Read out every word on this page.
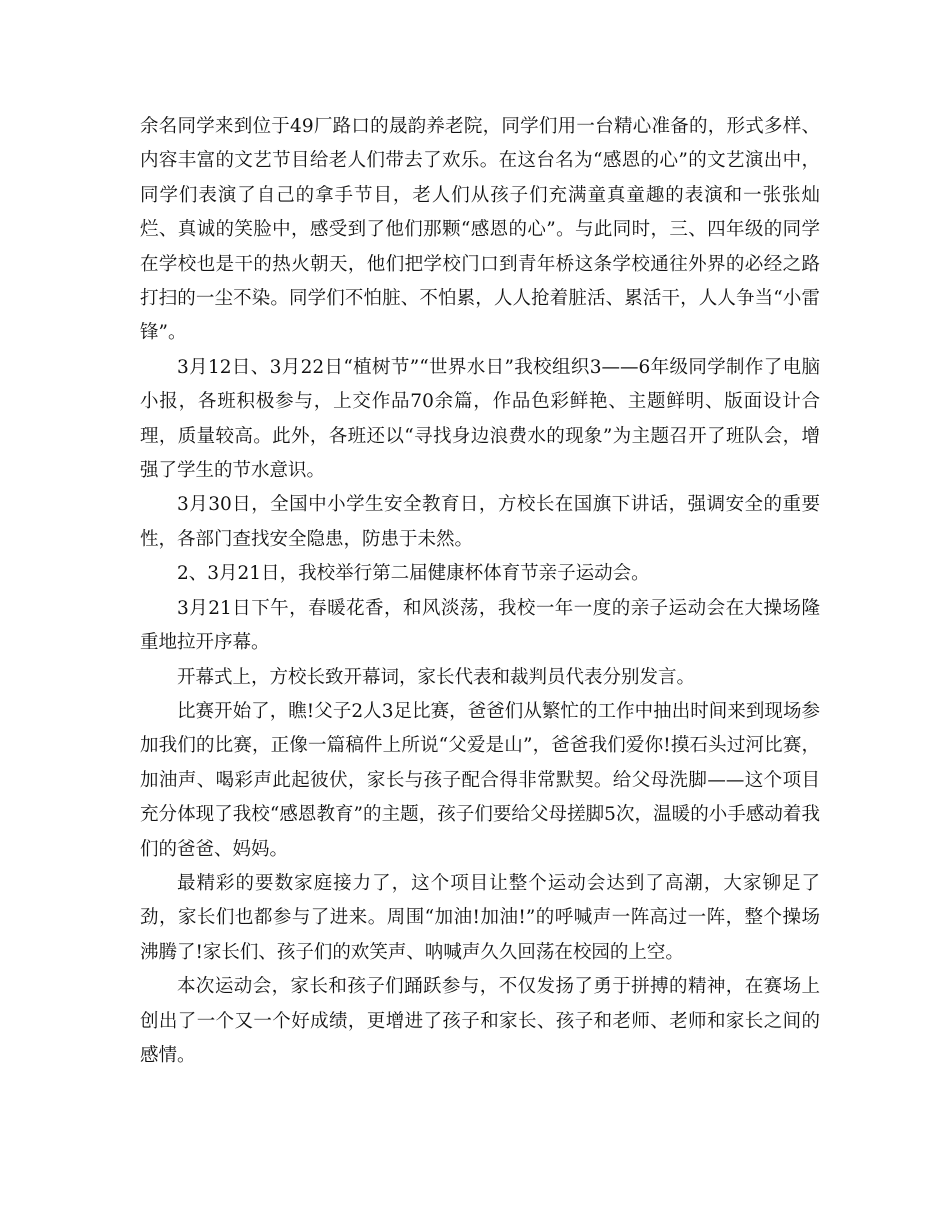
余名同学来到位于49厂路口的晟韵养老院，同学们用一台精心准备的，形式多样、内容丰富的文艺节目给老人们带去了欢乐。在这台名为“感恩的心”的文艺演出中，同学们表演了自己的拿手节目，老人们从孩子们充满童真童趣的表演和一张张灿烂、真诚的笑脸中，感受到了他们那颗“感恩的心”。与此同时，三、四年级的同学在学校也是干的热火朝天，他们把学校门口到青年桥这条学校通往外界的必经之路打扫的一尘不染。同学们不怕脏、不怕累，人人抢着脏活、累活干，人人争当“小雷锋”。

3月12日、3月22日“植树节”“世界水日”我校组织3——6年级同学制作了电脑小报，各班积极参与，上交作品70余篇，作品色彩鲜艳、主题鲜明、版面设计合理，质量较高。此外，各班还以“寻找身边浪费水的现象”为主题召开了班队会，增强了学生的节水意识。

3月30日，全国中小学生安全教育日，方校长在国旗下讲话，强调安全的重要性，各部门查找安全隐患，防患于未然。

2、3月21日，我校举行第二届健康杯体育节亲子运动会。

3月21日下午，春暖花香，和风淡荡，我校一年一度的亲子运动会在大操场隆重地拉开序幕。

开幕式上，方校长致开幕词，家长代表和裁判员代表分别发言。

比赛开始了，瞧!父子2人3足比赛，爸爸们从繁忙的工作中抽出时间来到现场参加我们的比赛，正像一篇稿件上所说“父爱是山”，爸爸我们爱你!摸石头过河比赛，加油声、喝彩声此起彼伏，家长与孩子配合得非常默契。给父母洗脚——这个项目充分体现了我校“感恩教育”的主题，孩子们要给父母搓脚5次，温暖的小手感动着我们的爸爸、妈妈。

最精彩的要数家庭接力了，这个项目让整个运动会达到了高潮，大家铆足了劲，家长们也都参与了进来。周围“加油!加油!”的呼喊声一阵高过一阵，整个操场沸腾了!家长们、孩子们的欢笑声、呐喊声久久回荡在校园的上空。

本次运动会，家长和孩子们踊跃参与，不仅发扬了勇于拼搏的精神，在赛场上创出了一个又一个好成绩，更增进了孩子和家长、孩子和老师、老师和家长之间的感情。
